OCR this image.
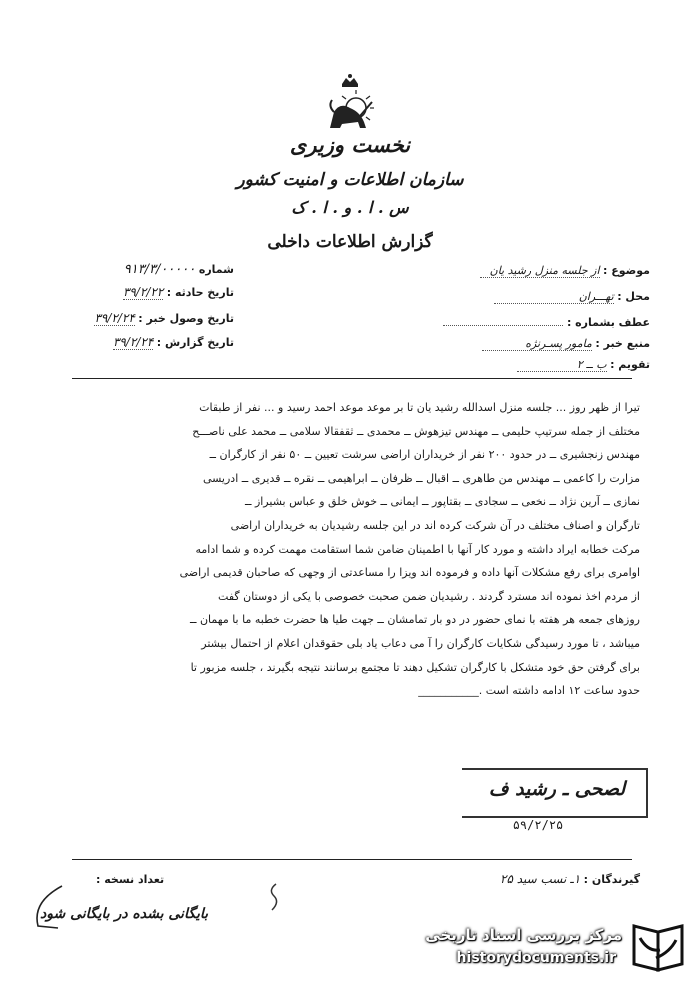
نخست وزیری
سازمان اطلاعات و امنیت کشور
س . ا . و . ا . ک
گزارش اطلاعات داخلی
موضوع : از جلسه منزل رشید یان
محل : تهـــران
عطف بشماره :
منبع خبر : مامور پسـرنژه
تقویم : ب ــ ۲
شماره ۹۱۳/۳/۰۰۰۰۰
تاریخ حادثه : ۳۹/۲/۲۲
تاریخ وصول خبر : ۳۹/۲/۲۴
تاریخ گزارش : ۳۹/۲/۲۴
تیرا از ظهر روز ... جلسه منزل اسدالله رشید یان تا بر موعد موعد احمد رسید و ... نفر از طبقات
مختلف از جمله سرتیپ حلیمی ــ مهندس تیزهوش ــ محمدی ــ ثقفقالا سلامی ــ محمد علی ناصـــح
مهندس زنجشیری ــ در حدود ۲۰۰ نفر از خریداران اراضی سرشت تعیین ــ ۵۰ نفر از کارگران ــ
مزارت را کاعمی ــ مهندس من طاهری ــ اقبال ــ ظرفان ــ ابراهیمی ــ نقره ــ قدیری ــ ادریسی
نمازی ــ آرین نژاد ــ نخعی ــ سجادی ــ بقتاپور ــ ایمانی ــ خوش خلق و عباس بشیراز ــ
تارگران و اصناف مختلف در آن شرکت کرده اند در این جلسه رشیدیان به خریداران اراضی
مرکت خطابه ایراد داشته و مورد کار آنها با اطمینان ضامن شما استقامت مهمت کرده و شما ادامه
اوامری برای رفع مشکلات آنها داده و فرموده اند ویزا را مساعدتی از وجهی که صاحبان قدیمی اراضی
از مردم اخذ نموده اند مسترد گردند . رشیدیان ضمن صحبت خصوصی با یکی از دوستان گفت
روزهای جمعه هر هفته با نمای حضور در دو بار تمامشان ــ جهت طیا ها حضرت خطبه ما با مهمان ــ
میباشد ، تا مورد رسیدگی شکایات کارگران را آ می دعاب یاد بلی حقوقدان اعلام از احتمال بیشتر
برای گرفتن حق خود متشکل با کارگران تشکیل دهند تا مجتمع برسانند نتیجه بگیرند ، جلسه مزبور تا
حدود ساعت ۱۲ ادامه داشته است .___________
لصحی ـ رشید ف
۵۹/۲/۲۵
گیرندگان : ۱ـ نسب سید ۲۵
تعداد نسخه :
بایگانی بشده در بایگانی شود
مرکز بررسی اسناد تاریخی
historydocuments.ir
